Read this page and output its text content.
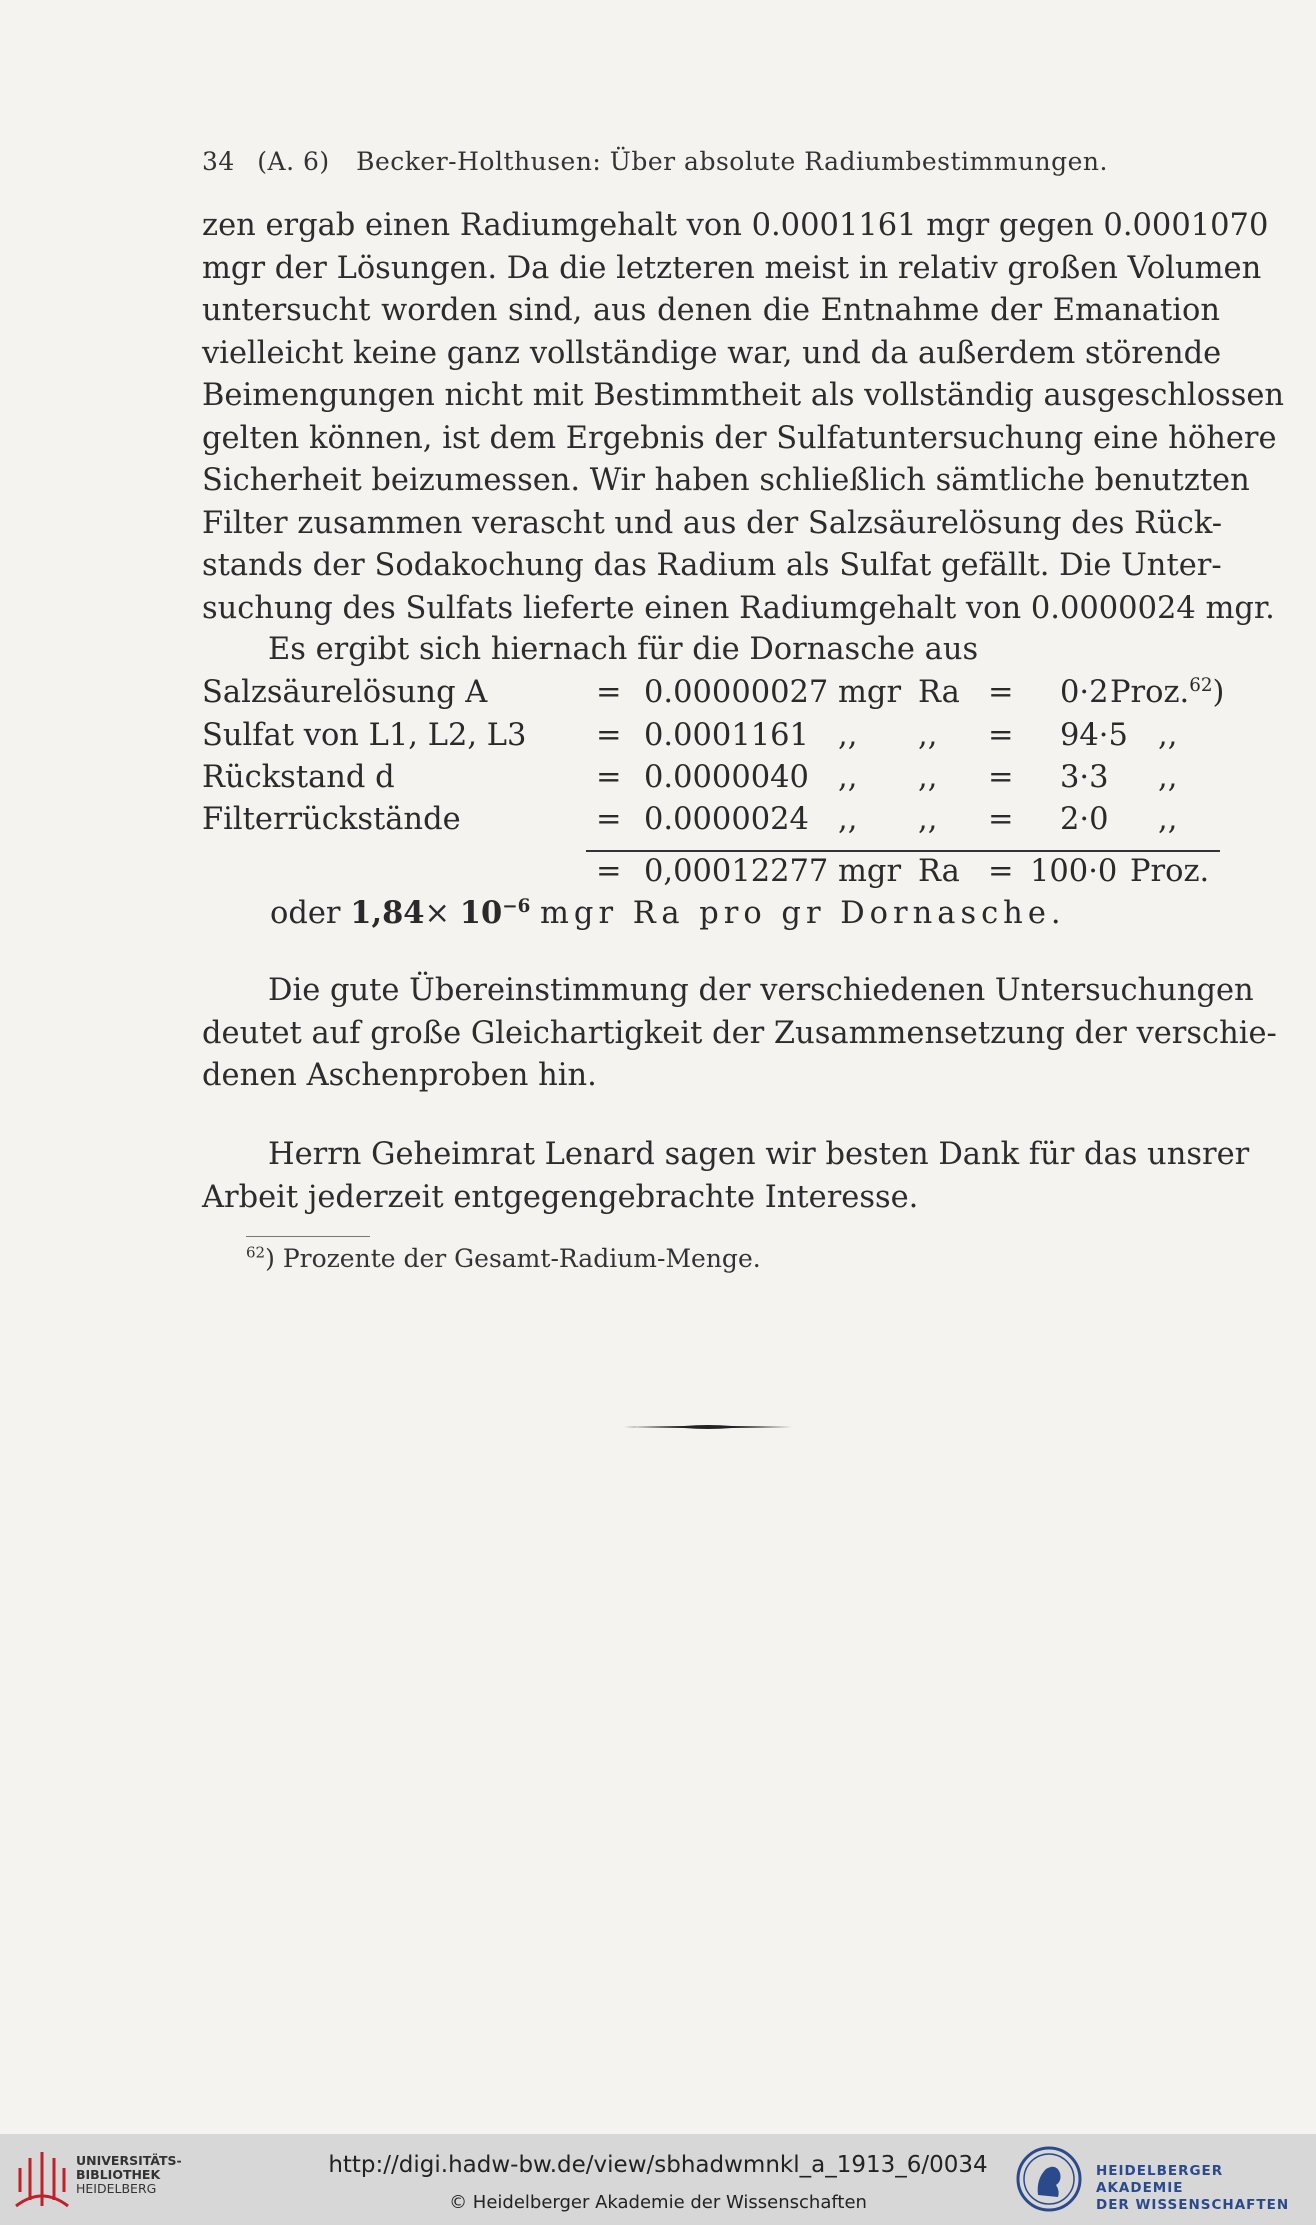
34 (A. 6) Becker-Holthusen: Über absolute Radiumbestimmungen.
zen ergab einen Radiumgehalt von 0.0001161 mgr gegen 0.0001070
mgr der Lösungen. Da die letzteren meist in relativ großen Volumen
untersucht worden sind, aus denen die Entnahme der Emanation
vielleicht keine ganz vollständige war, und da außerdem störende
Beimengungen nicht mit Bestimmtheit als vollständig ausgeschlossen
gelten können, ist dem Ergebnis der Sulfatuntersuchung eine höhere
Sicherheit beizumessen. Wir haben schließlich sämtliche benutzten
Filter zusammen verascht und aus der Salzsäurelösung des Rück-
stands der Sodakochung das Radium als Sulfat gefällt. Die Unter-
suchung des Sulfats lieferte einen Radiumgehalt von 0.0000024 mgr.
Es ergibt sich hiernach für die Dornasche aus
Salzsäurelösung A	= 0.00000027 mgr Ra = 0·2 Proz.$^{62}$)
Sulfat von L1, L2, L3 = 0.0001161 ,, ,, = 94·5 ,,
Rückstand d	= 0.0000040 ,, ,, = 3·3 ,,
Filterrückstände	= 0.0000024 ,, ,, = 2·0 ,,
= 0,00012277 mgr Ra = 100·0 Proz.
oder $1,84\times 10^{-6}$ mgr Ra pro gr Dornasche.
Die gute Übereinstimmung der verschiedenen Untersuchungen
deutet auf große Gleichartigkeit der Zusammensetzung der verschie-
denen Aschenproben hin.
Herrn Geheimrat Lenard sagen wir besten Dank für das unsrer
Arbeit jederzeit entgegengebrachte Interesse.
$^{62}$) Prozente der Gesamt-Radium-Menge.
UNIVERSITÄTS-
BIBLIOTHEK
HEIDELBERG
http://digi.hadw-bw.de/view/sbhadwmnkl_a_1913_6/0034
© Heidelberger Akademie der Wissenschaften
HEIDELBERGER AKADEMIE
DER WISSENSCHAFTEN
